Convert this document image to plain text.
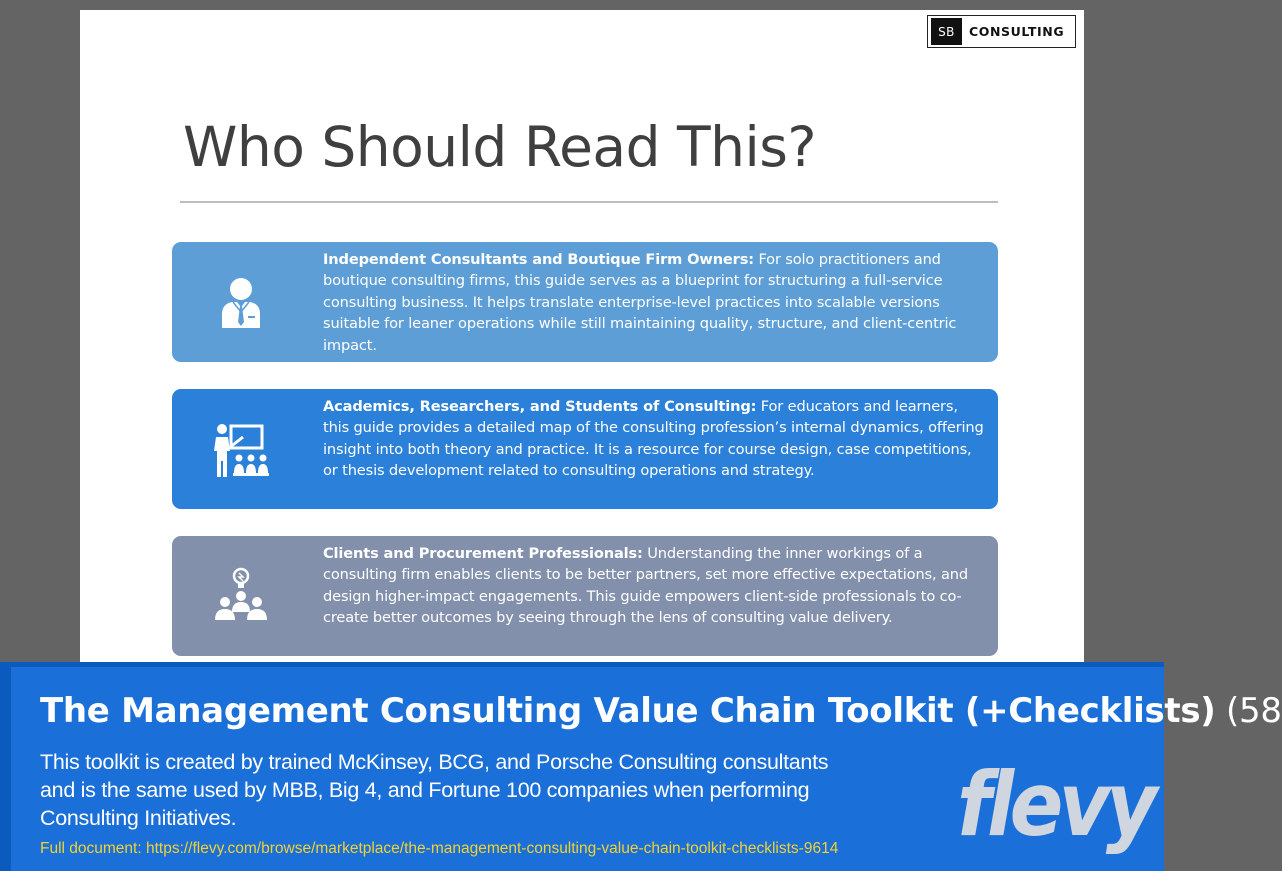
SB	CONSULTING
Who Should Read This?

Independent Consultants and Boutique Firm Owners: For solo practitioners and boutique consulting firms, this guide serves as a blueprint for structuring a full-service consulting business. It helps translate enterprise-level practices into scalable versions suitable for leaner operations while still maintaining quality, structure, and client-centric impact.

Academics, Researchers, and Students of Consulting: For educators and learners, this guide provides a detailed map of the consulting profession’s internal dynamics, offering insight into both theory and practice. It is a resource for course design, case competitions, or thesis development related to consulting operations and strategy.

Clients and Procurement Professionals: Understanding the inner workings of a consulting firm enables clients to be better partners, set more effective expectations, and design higher-impact engagements. This guide empowers client-side professionals to co-create better outcomes by seeing through the lens of consulting value delivery.

The Management Consulting Value Chain Toolkit (+Checklists) (58

This toolkit is created by trained McKinsey, BCG, and Porsche Consulting consultants and is the same used by MBB, Big 4, and Fortune 100 companies when performing Consulting Initiatives.

Full document: https://flevy.com/browse/marketplace/the-management-consulting-value-chain-toolkit-checklists-9614 flevy
